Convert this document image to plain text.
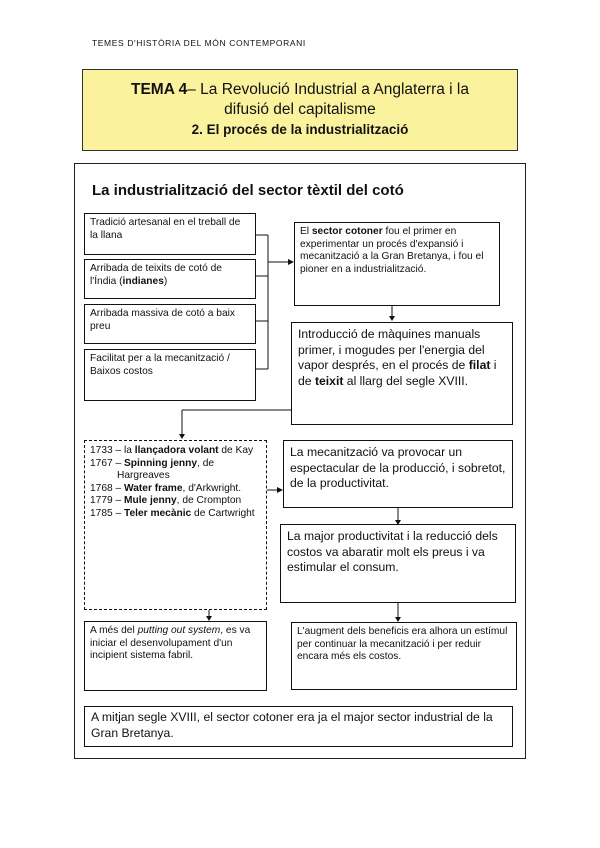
TEMES D'HISTÒRIA DEL MÓN CONTEMPORANI
TEMA 4– La Revolució Industrial a Anglaterra i la
difusió del capitalisme
2. El procés de la industrialització
La industrialització del sector tèxtil del cotó
Tradició artesanal en el treball de la llana
Arribada de teixits de cotó de l'Índia (indianes)
Arribada massiva de cotó a baix preu
Facilitat per a la mecanització / Baixos costos
El sector cotoner fou el primer en experimentar un procés d'expansió i mecanització a la Gran Bretanya, i fou el pioner en a industrialització.
Introducció de màquines manuals primer, i mogudes per l'energia del vapor després, en el procés de filat i de teixit al llarg del segle XVIII.
1733 – la llançadora volant de Kay
1767 – Spinning jenny, de Hargreaves
1768 – Water frame, d'Arkwright.
1779 – Mule jenny, de Crompton
1785 – Teler mecànic de Cartwright
La mecanització va provocar un espectacular de la producció, i sobretot, de la productivitat.
La major productivitat i la reducció dels costos va abaratir molt els preus i va estimular el consum.
A més del putting out system, es va iniciar el desenvolupament d'un incipient sistema fabril.
L'augment dels beneficis era alhora un estímul per continuar la mecanització i per reduir encara més els costos.
A mitjan segle XVIII, el sector cotoner era ja el major sector industrial de la Gran Bretanya.
